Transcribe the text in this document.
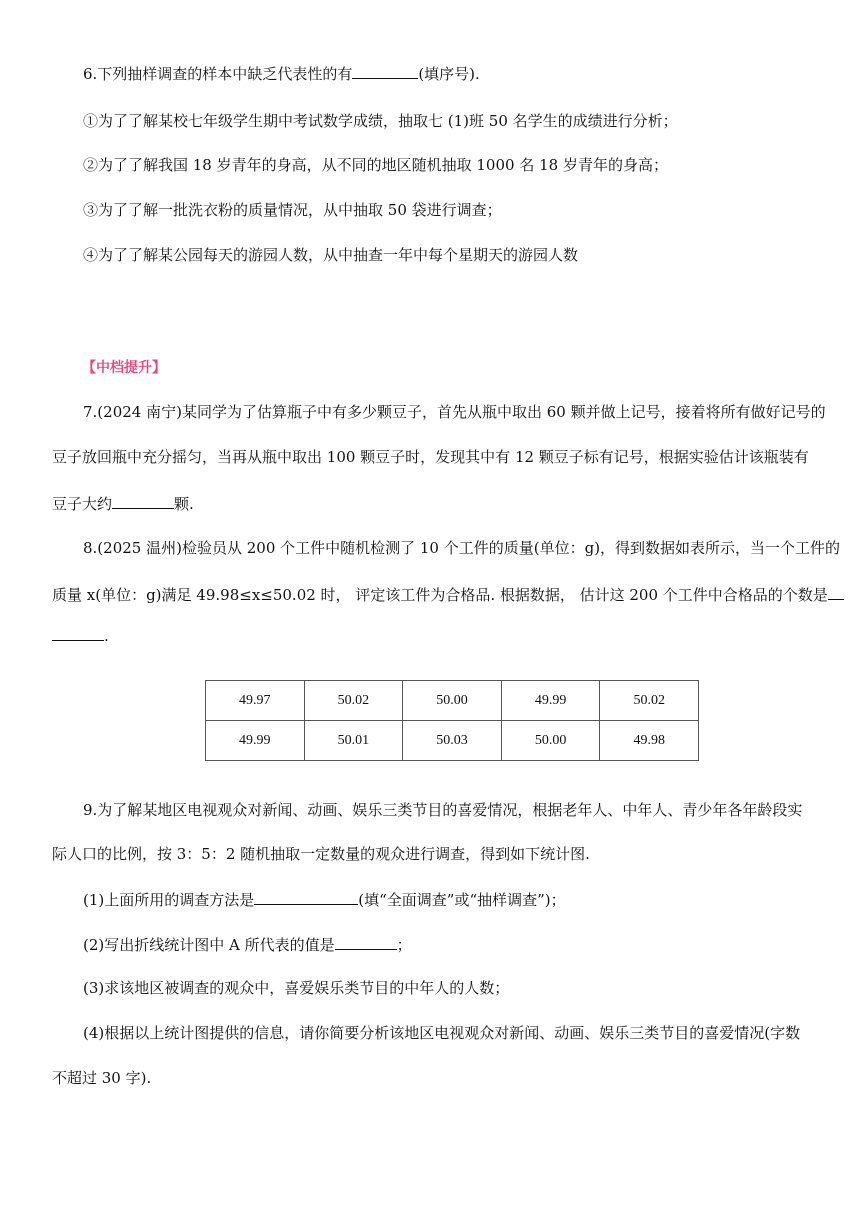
6.下列抽样调查的样本中缺乏代表性的有	(填序号).
①为了了解某校七年级学生期中考试数学成绩，抽取七 (1)班 50 名学生的成绩进行分析；
②为了了解我国 18 岁青年的身高，从不同的地区随机抽取 1000 名 18 岁青年的身高；
③为了了解一批洗衣粉的质量情况，从中抽取 50 袋进行调查；
④为了了解某公园每天的游园人数，从中抽查一年中每个星期天的游园人数
【中档提升】
7.(2024 南宁)某同学为了估算瓶子中有多少颗豆子，首先从瓶中取出 60 颗并做上记号，接着将所有做好记号的
豆子放回瓶中充分摇匀，当再从瓶中取出 100 颗豆子时，发现其中有 12 颗豆子标有记号，根据实验估计该瓶装有
豆子大约	颗.
8.(2025 温州)检验员从 200 个工件中随机检测了 10 个工件的质量(单位：g)，得到数据如表所示，当一个工件的
质量 x(单位：g)满足 49.98≤x≤50.02 时， 评定该工件为合格品. 根据数据， 估计这 200 个工件中合格品的个数是
.
49.97	50.02	50.00	49.99	50.02
49.99	50.01	50.03	50.00	49.98
9.为了解某地区电视观众对新闻、动画、娱乐三类节目的喜爱情况，根据老年人、中年人、青少年各年龄段实
际人口的比例，按 3：5：2 随机抽取一定数量的观众进行调查，得到如下统计图.
(1)上面所用的调查方法是	(填“全面调查”或“抽样调查”)；
(2)写出折线统计图中 A 所代表的值是	；
(3)求该地区被调查的观众中，喜爱娱乐类节目的中年人的人数；
(4)根据以上统计图提供的信息，请你简要分析该地区电视观众对新闻、动画、娱乐三类节目的喜爱情况(字数
不超过 30 字).
